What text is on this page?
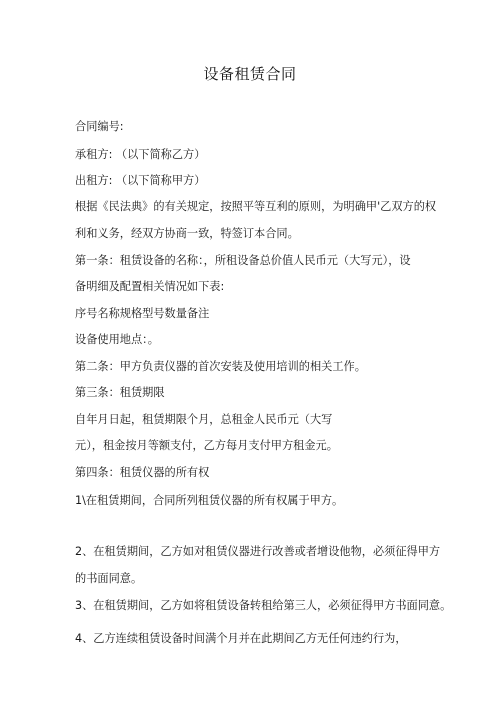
设备租赁合同
合同编号:
承租方: （以下简称乙方）
出租方: （以下简称甲方）
根据《民法典》的有关规定，按照平等互利的原则，为明确甲'乙双方的权
利和义务，经双方协商一致，特签订本合同。
第一条：租赁设备的名称：，所租设备总价值人民币元（大写元），设
备明细及配置相关情况如下表:
序号名称规格型号数量备注
设备使用地点：。
第二条：甲方负责仪器的首次安装及使用培训的相关工作。
第三条：租赁期限
自年月日起，租赁期限个月，总租金人民币元（大写
元），租金按月等额支付，乙方每月支付甲方租金元。
第四条：租赁仪器的所有权
1\在租赁期间，合同所列租赁仪器的所有权属于甲方。
2、在租赁期间，乙方如对租赁仪器进行改善或者增设他物，必须征得甲方
的书面同意。
3、在租赁期间，乙方如将租赁设备转租给第三人，必须征得甲方书面同意。
4、乙方连续租赁设备时间满个月并在此期间乙方无任何违约行为，
